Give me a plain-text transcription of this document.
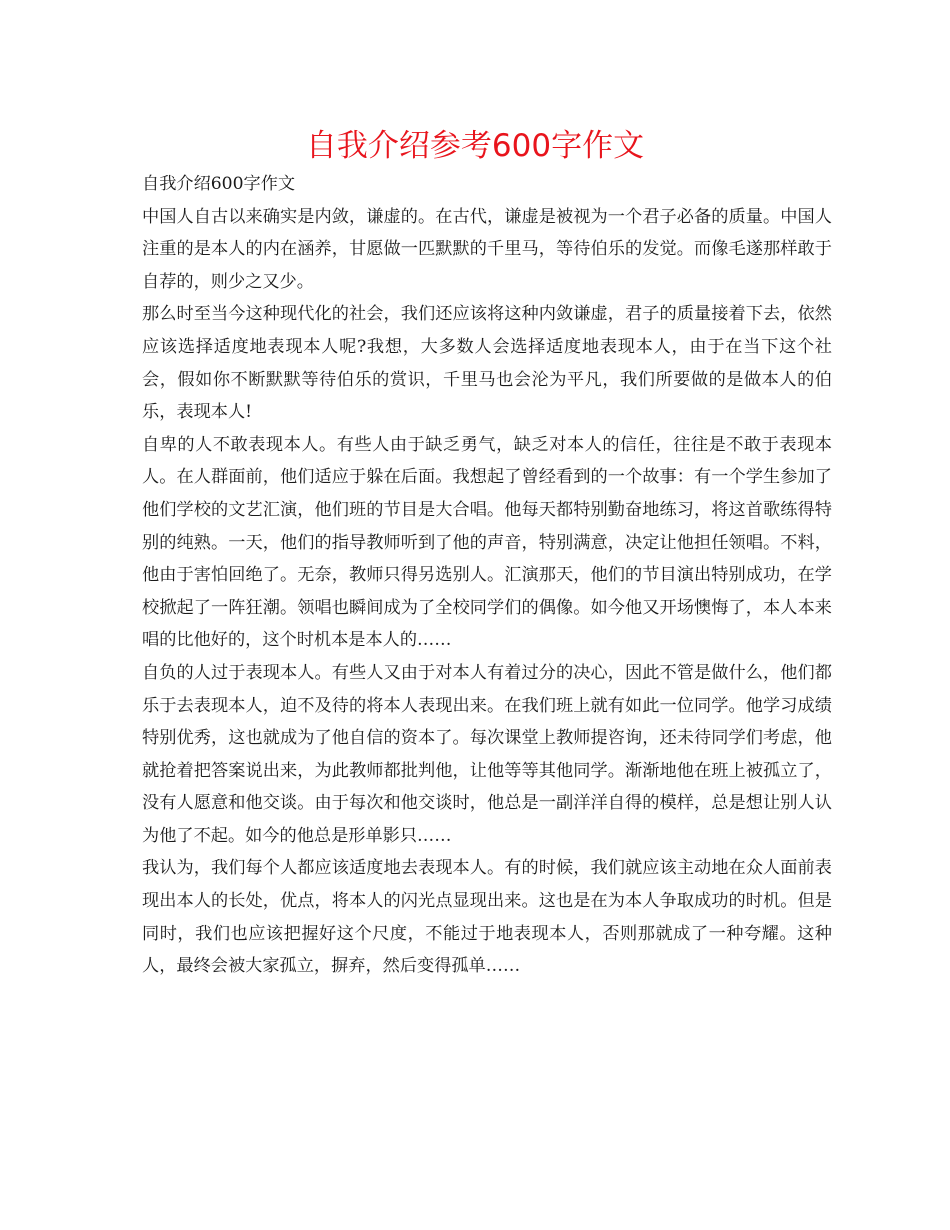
自我介绍参考600字作文

自我介绍600字作文

中国人自古以来确实是内敛，谦虚的。在古代，谦虚是被视为一个君子必备的质量。中国人注重的是本人的内在涵养，甘愿做一匹默默的千里马，等待伯乐的发觉。而像毛遂那样敢于自荐的，则少之又少。

那么时至当今这种现代化的社会，我们还应该将这种内敛谦虚，君子的质量接着下去，依然应该选择适度地表现本人呢?我想，大多数人会选择适度地表现本人，由于在当下这个社会，假如你不断默默等待伯乐的赏识，千里马也会沦为平凡，我们所要做的是做本人的伯乐，表现本人!

自卑的人不敢表现本人。有些人由于缺乏勇气，缺乏对本人的信任，往往是不敢于表现本人。在人群面前，他们适应于躲在后面。我想起了曾经看到的一个故事：有一个学生参加了他们学校的文艺汇演，他们班的节目是大合唱。他每天都特别勤奋地练习，将这首歌练得特别的纯熟。一天，他们的指导教师听到了他的声音，特别满意，决定让他担任领唱。不料，他由于害怕回绝了。无奈，教师只得另选别人。汇演那天，他们的节目演出特别成功，在学校掀起了一阵狂潮。领唱也瞬间成为了全校同学们的偶像。如今他又开场懊悔了，本人本来唱的比他好的，这个时机本是本人的……

自负的人过于表现本人。有些人又由于对本人有着过分的决心，因此不管是做什么，他们都乐于去表现本人，迫不及待的将本人表现出来。在我们班上就有如此一位同学。他学习成绩特别优秀，这也就成为了他自信的资本了。每次课堂上教师提咨询，还未待同学们考虑，他就抢着把答案说出来，为此教师都批判他，让他等等其他同学。渐渐地他在班上被孤立了，没有人愿意和他交谈。由于每次和他交谈时，他总是一副洋洋自得的模样，总是想让别人认为他了不起。如今的他总是形单影只……

我认为，我们每个人都应该适度地去表现本人。有的时候，我们就应该主动地在众人面前表现出本人的长处，优点，将本人的闪光点显现出来。这也是在为本人争取成功的时机。但是同时，我们也应该把握好这个尺度，不能过于地表现本人，否则那就成了一种夸耀。这种人，最终会被大家孤立，摒弃，然后变得孤单……
